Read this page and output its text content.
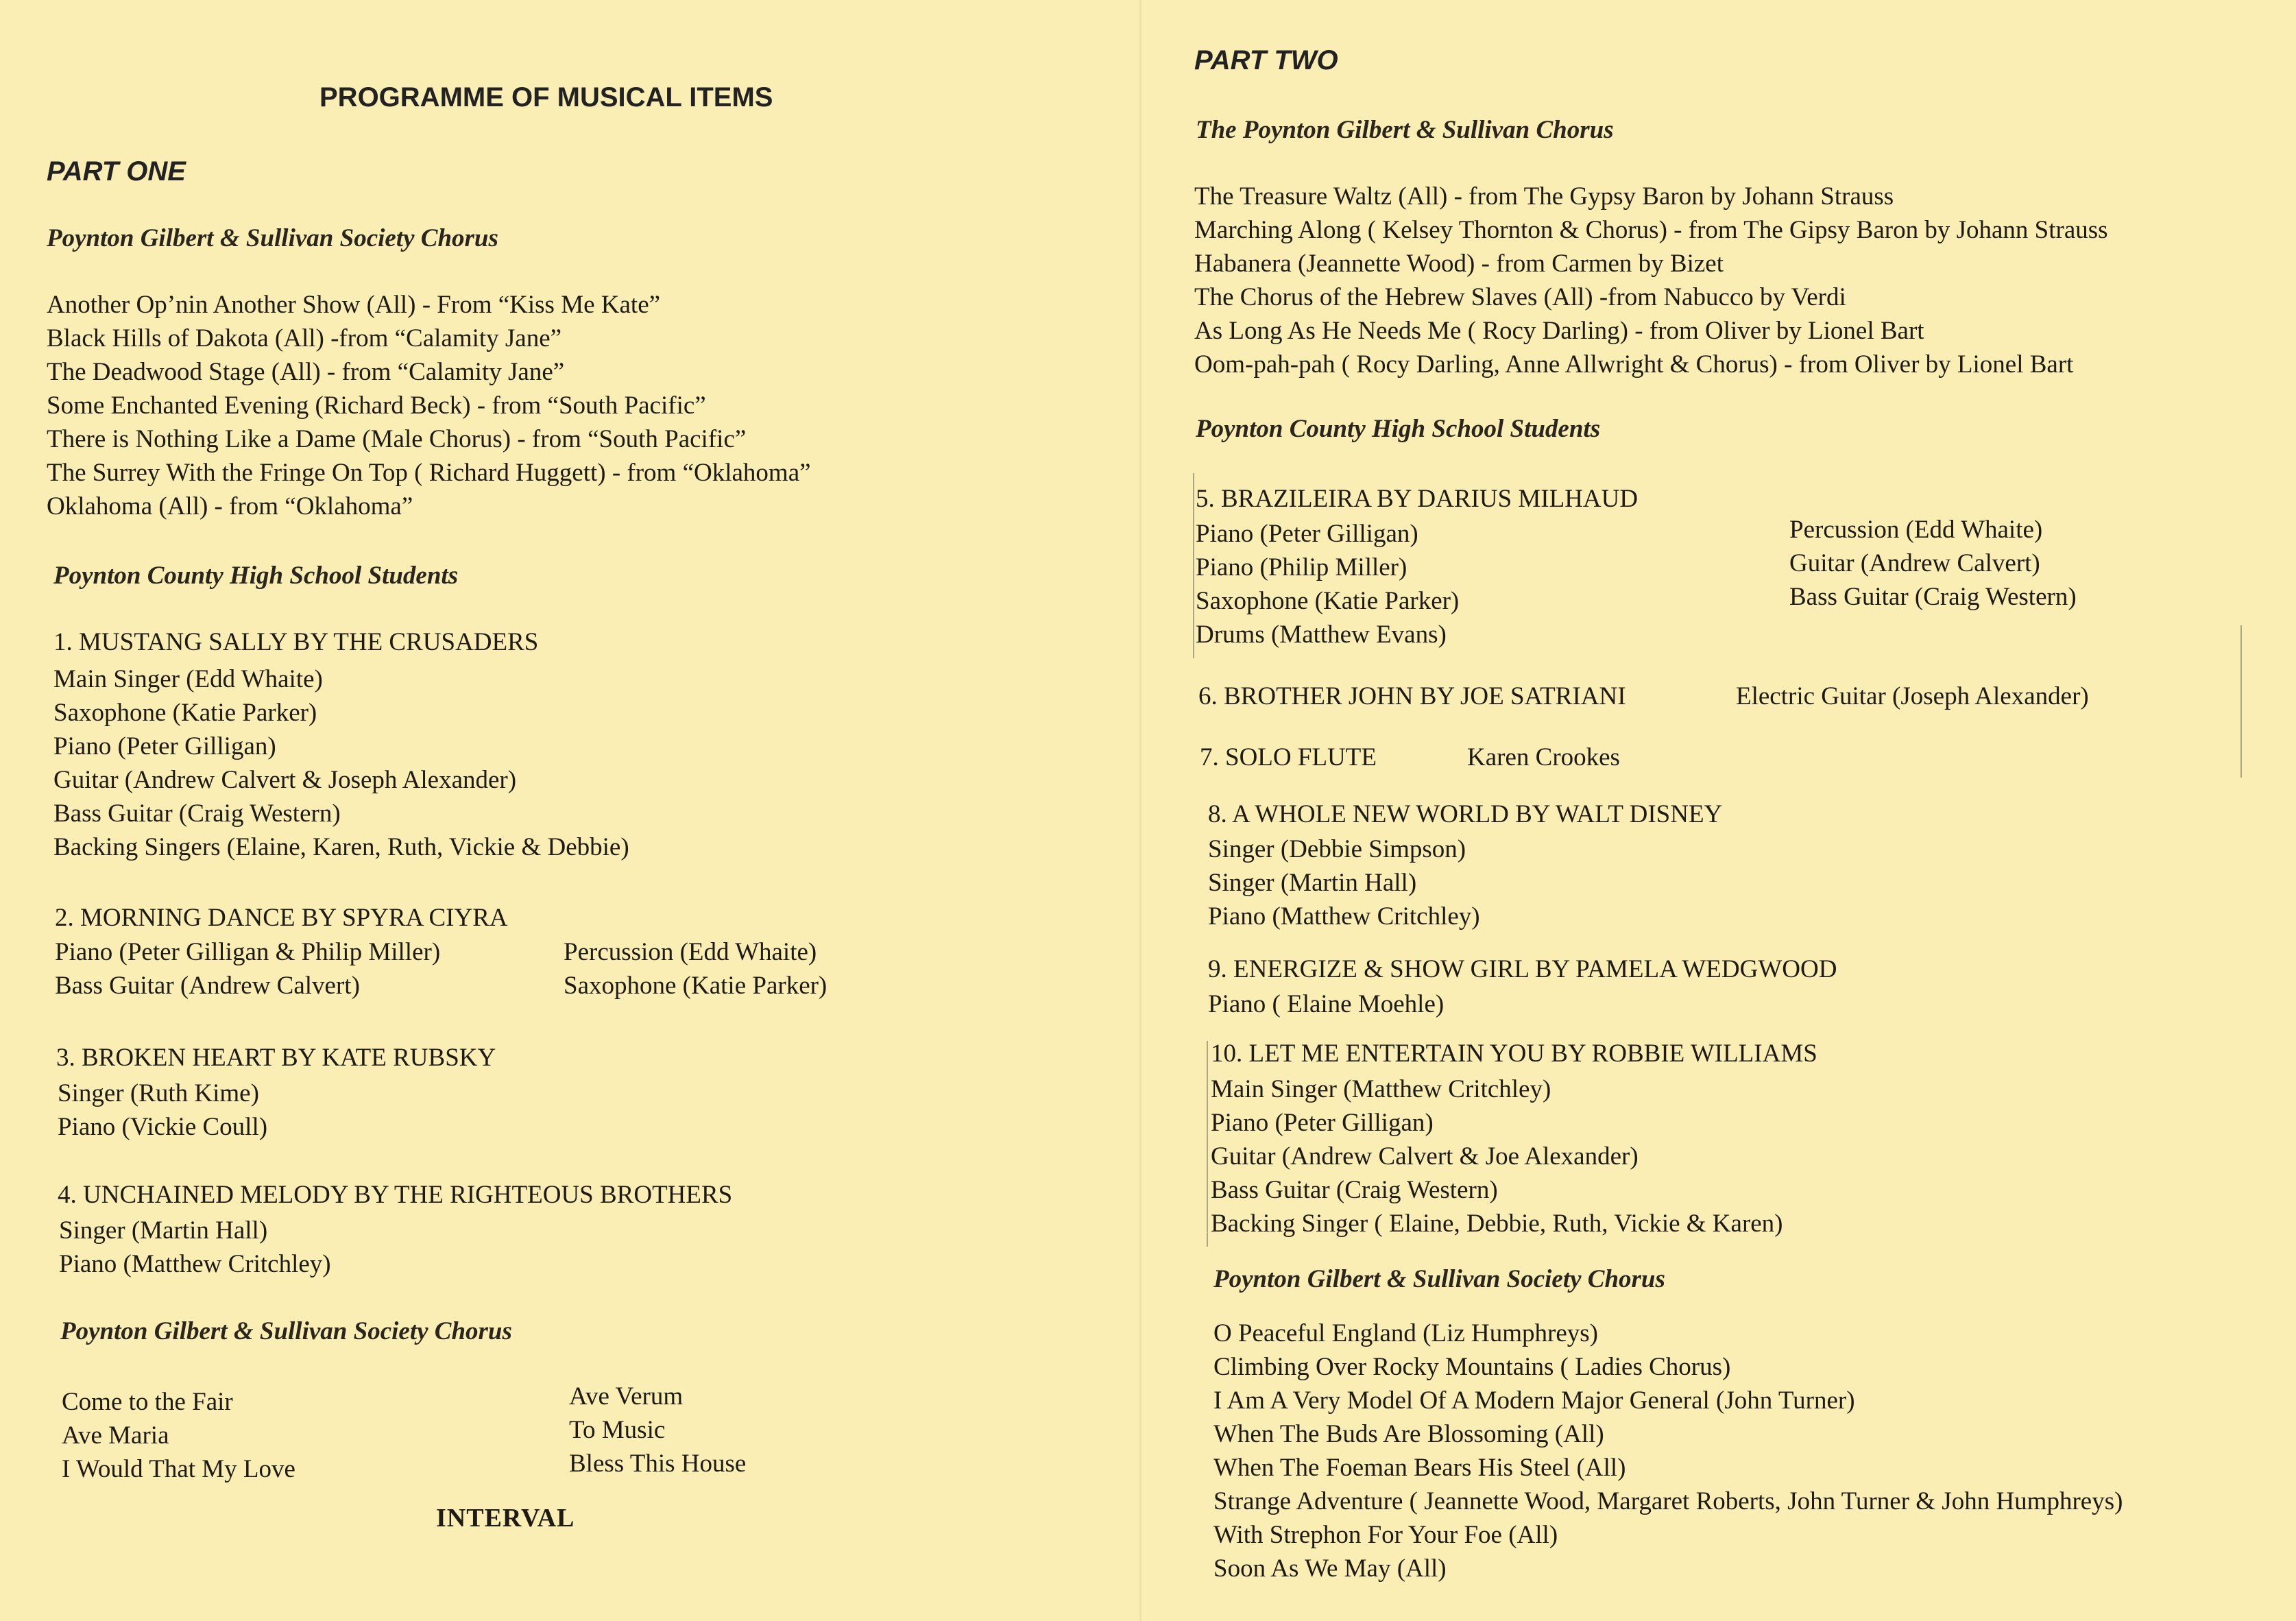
PROGRAMME OF MUSICAL ITEMS
PART ONE
Poynton Gilbert & Sullivan Society Chorus
Another Op’nin Another Show (All) - From “Kiss Me Kate”
Black Hills of Dakota (All) -from “Calamity Jane”
The Deadwood Stage (All) - from “Calamity Jane”
Some Enchanted Evening (Richard Beck) - from “South Pacific”
There is Nothing Like a Dame (Male Chorus) - from “South Pacific”
The Surrey With the Fringe On Top ( Richard Huggett) - from “Oklahoma”
Oklahoma (All) - from “Oklahoma”
Poynton County High School Students
1. MUSTANG SALLY BY THE CRUSADERS
Main Singer (Edd Whaite)
Saxophone (Katie Parker)
Piano (Peter Gilligan)
Guitar (Andrew Calvert & Joseph Alexander)
Bass Guitar (Craig Western)
Backing Singers (Elaine, Karen, Ruth, Vickie & Debbie)
2. MORNING DANCE BY SPYRA CIYRA
Piano (Peter Gilligan & Philip Miller)
Bass Guitar (Andrew Calvert)
Percussion (Edd Whaite)
Saxophone (Katie Parker)
3. BROKEN HEART BY KATE RUBSKY
Singer (Ruth Kime)
Piano (Vickie Coull)
4. UNCHAINED MELODY BY THE RIGHTEOUS BROTHERS
Singer (Martin Hall)
Piano (Matthew Critchley)
Poynton Gilbert & Sullivan Society Chorus
Come to the Fair
Ave Maria
I Would That My Love
Ave Verum
To Music
Bless This House
INTERVAL
PART TWO
The Poynton Gilbert & Sullivan Chorus
The Treasure Waltz (All) - from The Gypsy Baron by Johann Strauss
Marching Along ( Kelsey Thornton & Chorus) - from The Gipsy Baron by Johann Strauss
Habanera (Jeannette Wood) - from Carmen by Bizet
The Chorus of the Hebrew Slaves (All) -from Nabucco by Verdi
As Long As He Needs Me ( Rocy Darling) - from Oliver by Lionel Bart
Oom-pah-pah ( Rocy Darling, Anne Allwright & Chorus) - from Oliver by Lionel Bart
Poynton County High School Students
5. BRAZILEIRA BY DARIUS MILHAUD
Piano (Peter Gilligan)
Piano (Philip Miller)
Saxophone (Katie Parker)
Drums (Matthew Evans)
Percussion (Edd Whaite)
Guitar (Andrew Calvert)
Bass Guitar (Craig Western)
6. BROTHER JOHN BY JOE SATRIANI	Electric Guitar (Joseph Alexander)
7. SOLO FLUTE	Karen Crookes
8. A WHOLE NEW WORLD BY WALT DISNEY
Singer (Debbie Simpson)
Singer (Martin Hall)
Piano (Matthew Critchley)
9. ENERGIZE & SHOW GIRL BY PAMELA WEDGWOOD
Piano ( Elaine Moehle)
10. LET ME ENTERTAIN YOU BY ROBBIE WILLIAMS
Main Singer (Matthew Critchley)
Piano (Peter Gilligan)
Guitar (Andrew Calvert & Joe Alexander)
Bass Guitar (Craig Western)
Backing Singer ( Elaine, Debbie, Ruth, Vickie & Karen)
Poynton Gilbert & Sullivan Society Chorus
O Peaceful England (Liz Humphreys)
Climbing Over Rocky Mountains ( Ladies Chorus)
I Am A Very Model Of A Modern Major General (John Turner)
When The Buds Are Blossoming (All)
When The Foeman Bears His Steel (All)
Strange Adventure ( Jeannette Wood, Margaret Roberts, John Turner & John Humphreys)
With Strephon For Your Foe (All)
Soon As We May (All)
